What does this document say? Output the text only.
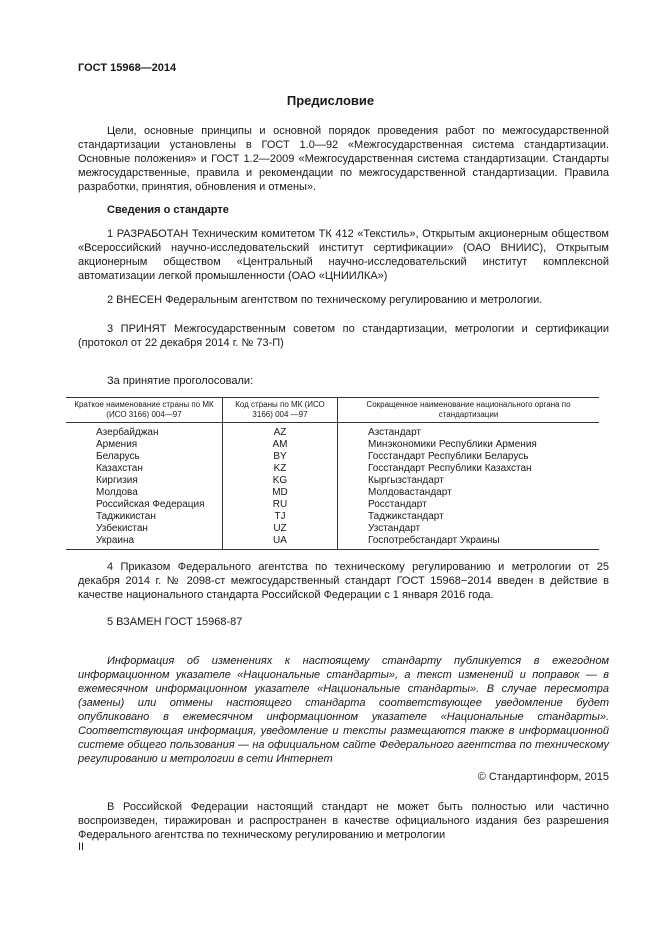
ГОСТ 15968—2014
Предисловие
Цели, основные принципы и основной порядок проведения работ по межгосударственной стандартизации установлены в ГОСТ 1.0—92 «Межгосударственная система стандартизации. Основные положения» и ГОСТ 1.2—2009 «Межгосударственная система стандартизации. Стандарты межгосударственные, правила и рекомендации по межгосударственной стандартизации. Правила разработки, принятия, обновления и отмены».
Сведения о стандарте
1 РАЗРАБОТАН Техническим комитетом ТК 412 «Текстиль», Открытым акционерным обществом «Всероссийский научно-исследовательский институт сертификации» (ОАО ВНИИС), Открытым акционерным обществом «Центральный научно-исследовательский институт комплексной автоматизации легкой промышленности (ОАО «ЦНИИЛКА»)
2 ВНЕСЕН Федеральным агентством по техническому регулированию и метрологии.
3 ПРИНЯТ Межгосударственным советом по стандартизации, метрологии и сертификации (протокол от 22 декабря 2014 г. № 73-П)
За принятие проголосовали:
Краткое наименование страны по МК (ИСО 3166) 004—97	Код страны по МК (ИСО 3166) 004 —97	Сокращенное наименование национального органа по стандартизации
Азербайджан	AZ	Азстандарт
Армения	AM	Минэкономики Республики Армения
Беларусь	BY	Госстандарт Республики Беларусь
Казахстан	KZ	Госстандарт Республики Казахстан
Киргизия	KG	Кыргызстандарт
Молдова	MD	Молдовастандарт
Российская Федерация	RU	Росстандарт
Таджикистан	TJ	Таджикстандарт
Узбекистан	UZ	Узстандарт
Украина	UA	Госпотребстандарт Украины
4 Приказом Федерального агентства по техническому регулированию и метрологии от 25 декабря 2014 г. № 2098-ст межгосударственный стандарт ГОСТ 15968−2014 введен в действие в качестве национального стандарта Российской Федерации с 1 января 2016 года.
5 ВЗАМЕН ГОСТ 15968-87
Информация об изменениях к настоящему стандарту публикуется в ежегодном информационном указателе «Национальные стандарты», а текст изменений и поправок — в ежемесячном информационном указателе «Национальные стандарты». В случае пересмотра (замены) или отмены настоящего стандарта соответствующее уведомление будет опубликовано в ежемесячном информационном указателе «Национальные стандарты». Соответствующая информация, уведомление и тексты размещаются также в информационной системе общего пользования — на официальном сайте Федерального агентства по техническому регулированию и метрологии в сети Интернет
© Стандартинформ, 2015
В Российской Федерации настоящий стандарт не может быть полностью или частично воспроизведен, тиражирован и распространен в качестве официального издания без разрешения Федерального агентства по техническому регулированию и метрологии
II
